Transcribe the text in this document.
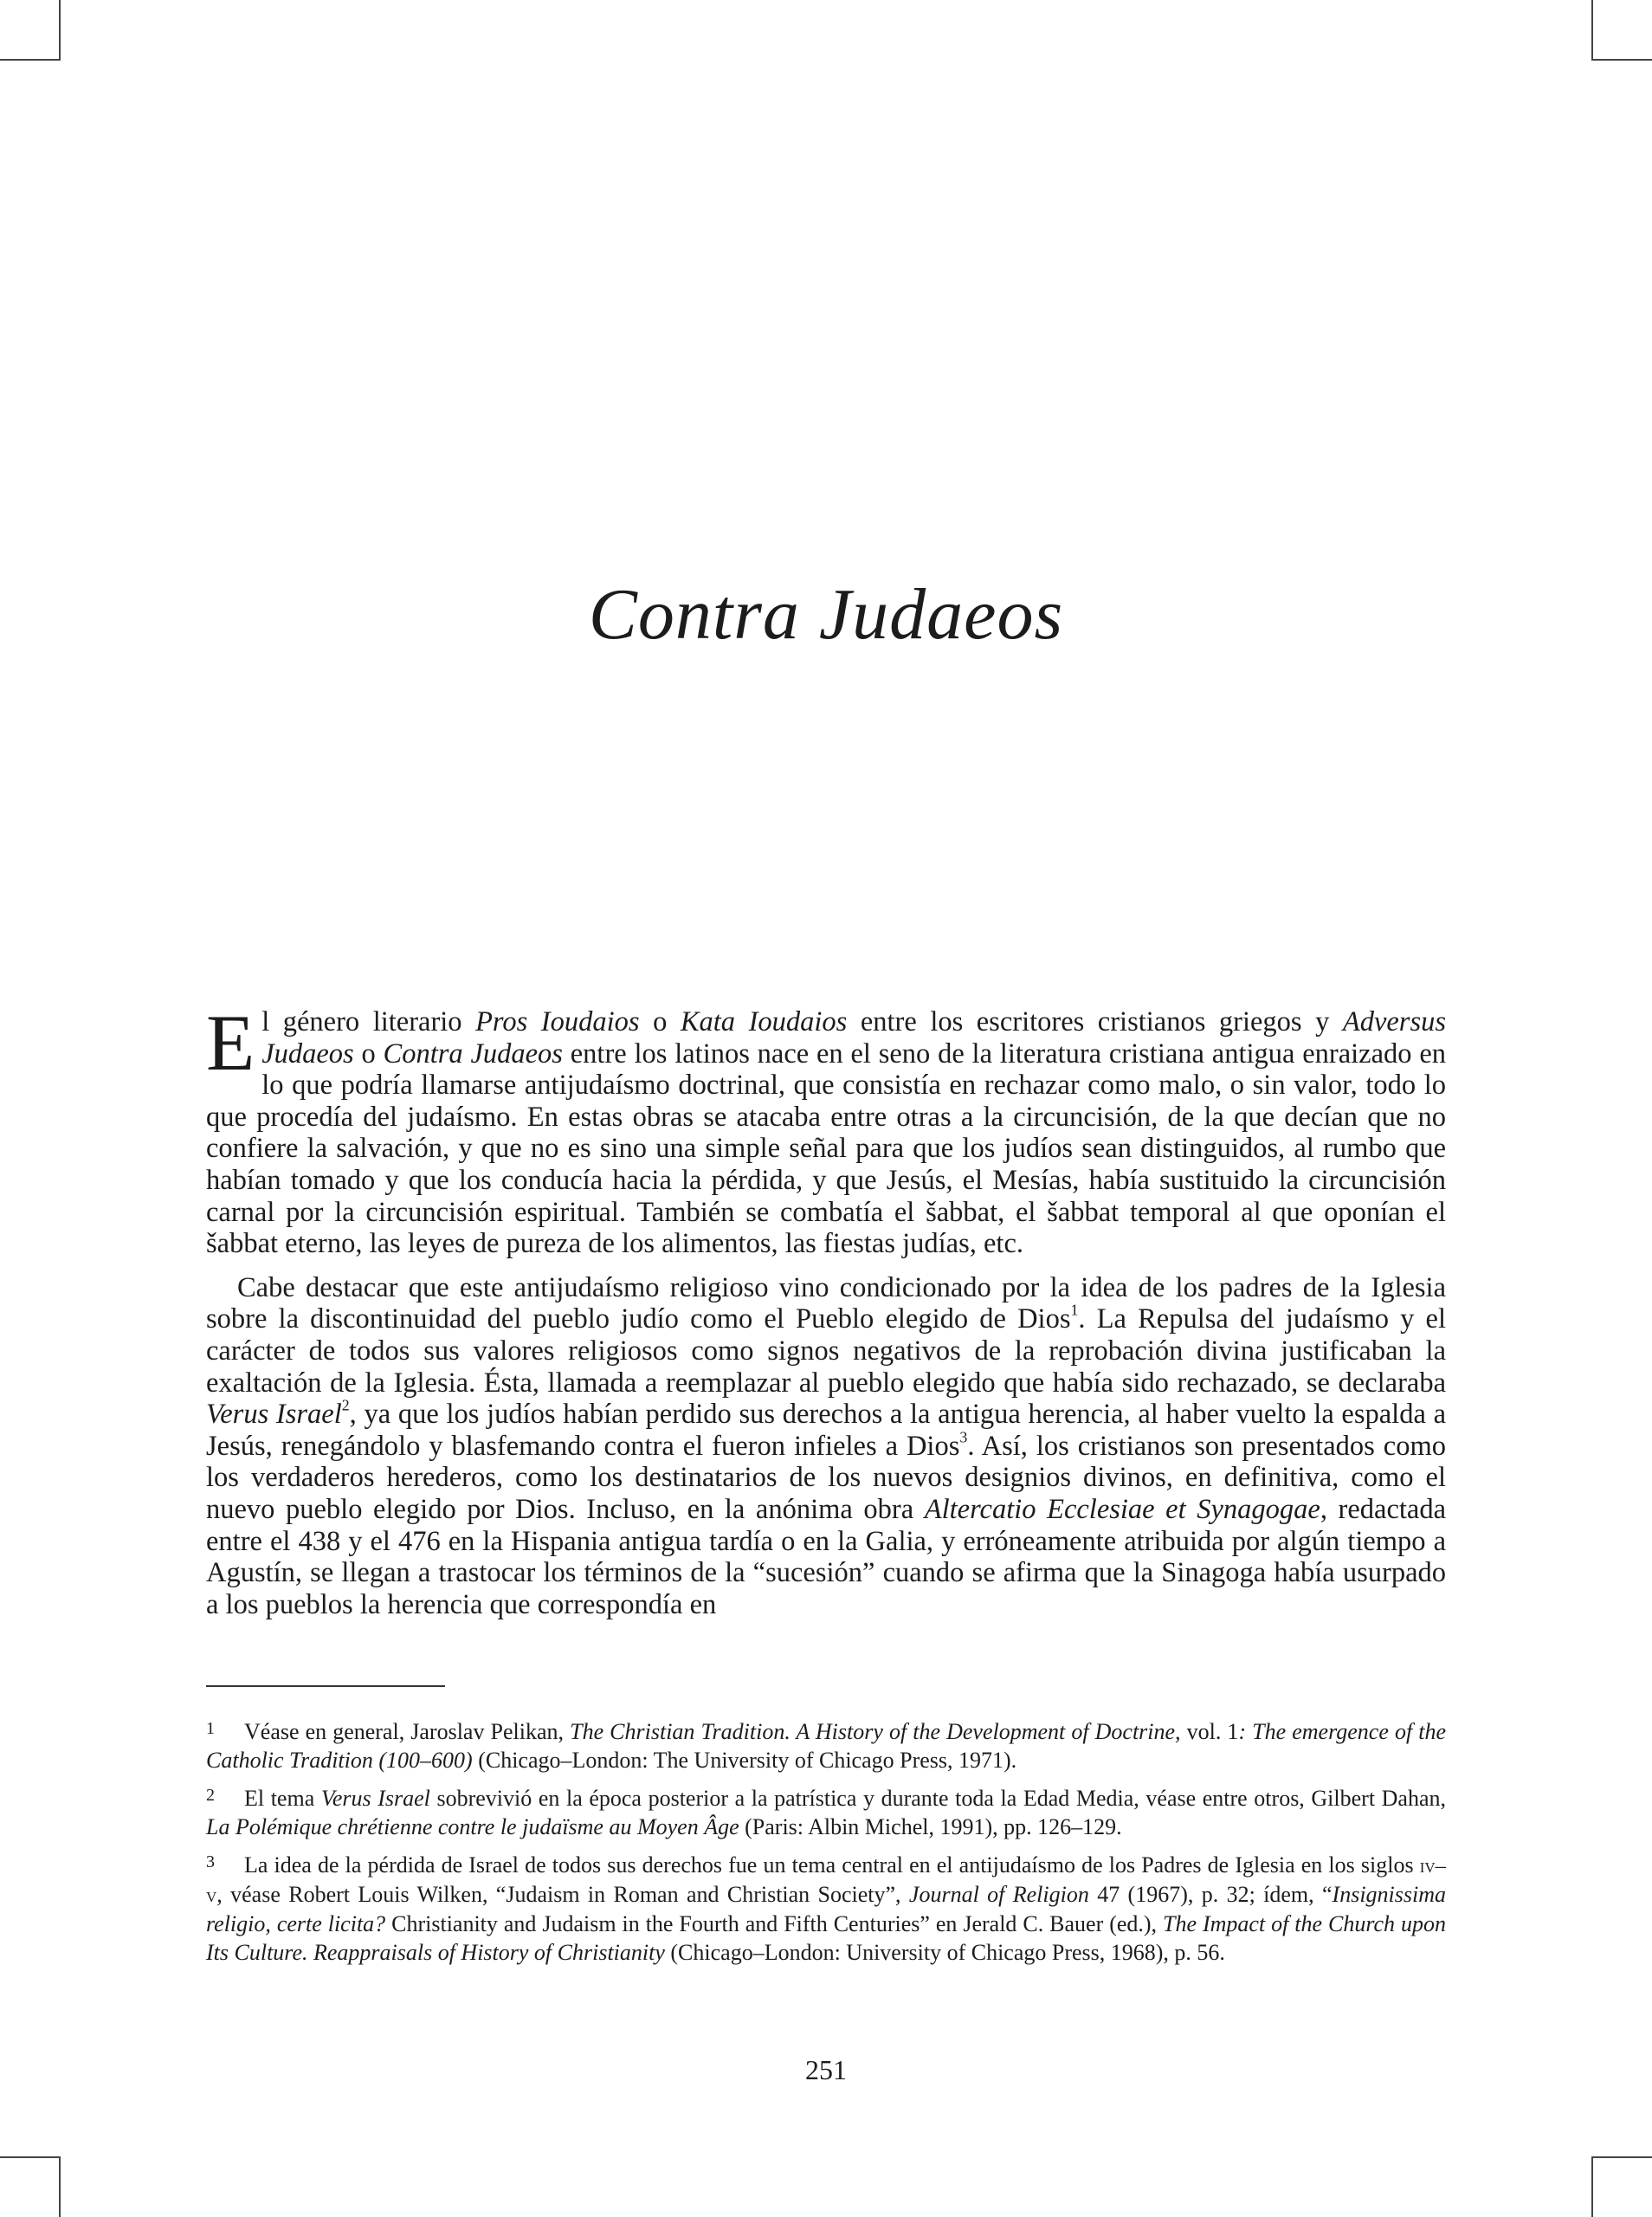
Contra Judaeos

El género literario Pros Ioudaios o Kata Ioudaios entre los escritores cristianos griegos y Adversus Judaeos o Contra Judaeos entre los latinos nace en el seno de la literatura cristiana antigua enraizado en lo que podría llamarse antijudaísmo doctrinal, que consistía en rechazar como malo, o sin valor, todo lo que procedía del judaísmo. En estas obras se atacaba entre otras a la circuncisión, de la que decían que no confiere la salvación, y que no es sino una simple señal para que los judíos sean distinguidos, al rumbo que habían tomado y que los conducía hacia la pérdida, y que Jesús, el Mesías, había sustituido la circuncisión carnal por la circuncisión espiritual. También se combatía el šabbat, el šabbat temporal al que oponían el šabbat eterno, las leyes de pureza de los alimentos, las fiestas judías, etc.

Cabe destacar que este antijudaísmo religioso vino condicionado por la idea de los padres de la Iglesia sobre la discontinuidad del pueblo judío como el Pueblo elegido de Dios$^1$. La Repulsa del judaísmo y el carácter de todos sus valores religiosos como signos negativos de la reprobación divina justificaban la exaltación de la Iglesia. Ésta, llamada a reemplazar al pueblo elegido que había sido rechazado, se declaraba Verus Israel$^2$, ya que los judíos habían perdido sus derechos a la antigua herencia, al haber vuelto la espalda a Jesús, renegándolo y blasfemando contra el fueron infieles a Dios$^3$. Así, los cristianos son presentados como los verdaderos herederos, como los destinatarios de los nuevos designios divinos, en definitiva, como el nuevo pueblo elegido por Dios. Incluso, en la anónima obra Altercatio Ecclesiae et Synagogae, redactada entre el 438 y el 476 en la Hispania antigua tardía o en la Galia, y erróneamente atribuida por algún tiempo a Agustín, se llegan a trastocar los términos de la “sucesión” cuando se afirma que la Sinagoga había usurpado a los pueblos la herencia que correspondía en

1 Véase en general, Jaroslav Pelikan, The Christian Tradition. A History of the Development of Doctrine, vol. 1: The emergence of the Catholic Tradition (100–600) (Chicago–London: The University of Chicago Press, 1971).

2 El tema Verus Israel sobrevivió en la época posterior a la patrística y durante toda la Edad Media, véase entre otros, Gilbert Dahan, La Polémique chrétienne contre le judaïsme au Moyen Âge (Paris: Albin Michel, 1991), pp. 126–129.

3 La idea de la pérdida de Israel de todos sus derechos fue un tema central en el antijudaísmo de los Padres de Iglesia en los siglos iv–v, véase Robert Louis Wilken, “Judaism in Roman and Christian Society”, Journal of Religion 47 (1967), p. 32; ídem, “Insignissima religio, certe licita? Christianity and Judaism in the Fourth and Fifth Centuries” en Jerald C. Bauer (ed.), The Impact of the Church upon Its Culture. Reappraisals of History of Christianity (Chicago–London: University of Chicago Press, 1968), p. 56.

251
